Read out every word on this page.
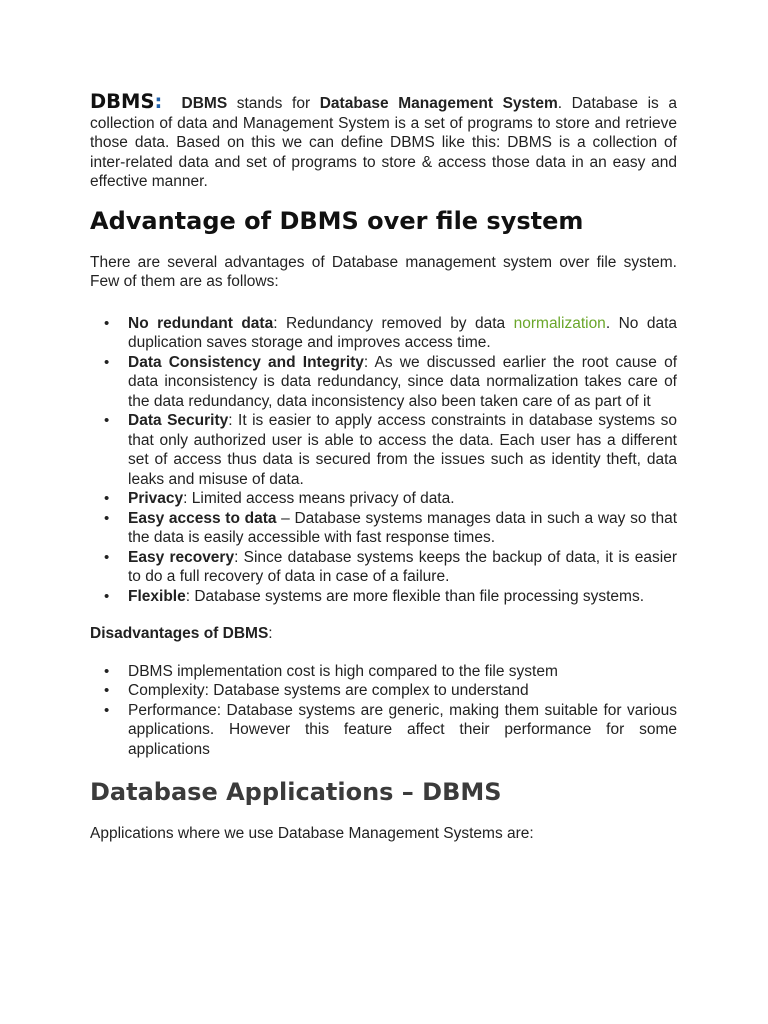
DBMS: DBMS stands for Database Management System. Database is a collection of data and Management System is a set of programs to store and retrieve those data. Based on this we can define DBMS like this: DBMS is a collection of inter-related data and set of programs to store & access those data in an easy and effective manner.

Advantage of DBMS over file system

There are several advantages of Database management system over file system. Few of them are as follows:

• No redundant data: Redundancy removed by data normalization. No data duplication saves storage and improves access time.
• Data Consistency and Integrity: As we discussed earlier the root cause of data inconsistency is data redundancy, since data normalization takes care of the data redundancy, data inconsistency also been taken care of as part of it
• Data Security: It is easier to apply access constraints in database systems so that only authorized user is able to access the data. Each user has a different set of access thus data is secured from the issues such as identity theft, data leaks and misuse of data.
• Privacy: Limited access means privacy of data.
• Easy access to data – Database systems manages data in such a way so that the data is easily accessible with fast response times.
• Easy recovery: Since database systems keeps the backup of data, it is easier to do a full recovery of data in case of a failure.
• Flexible: Database systems are more flexible than file processing systems.

Disadvantages of DBMS:

• DBMS implementation cost is high compared to the file system
• Complexity: Database systems are complex to understand
• Performance: Database systems are generic, making them suitable for various applications. However this feature affect their performance for some applications
Database Applications – DBMS

Applications where we use Database Management Systems are:
